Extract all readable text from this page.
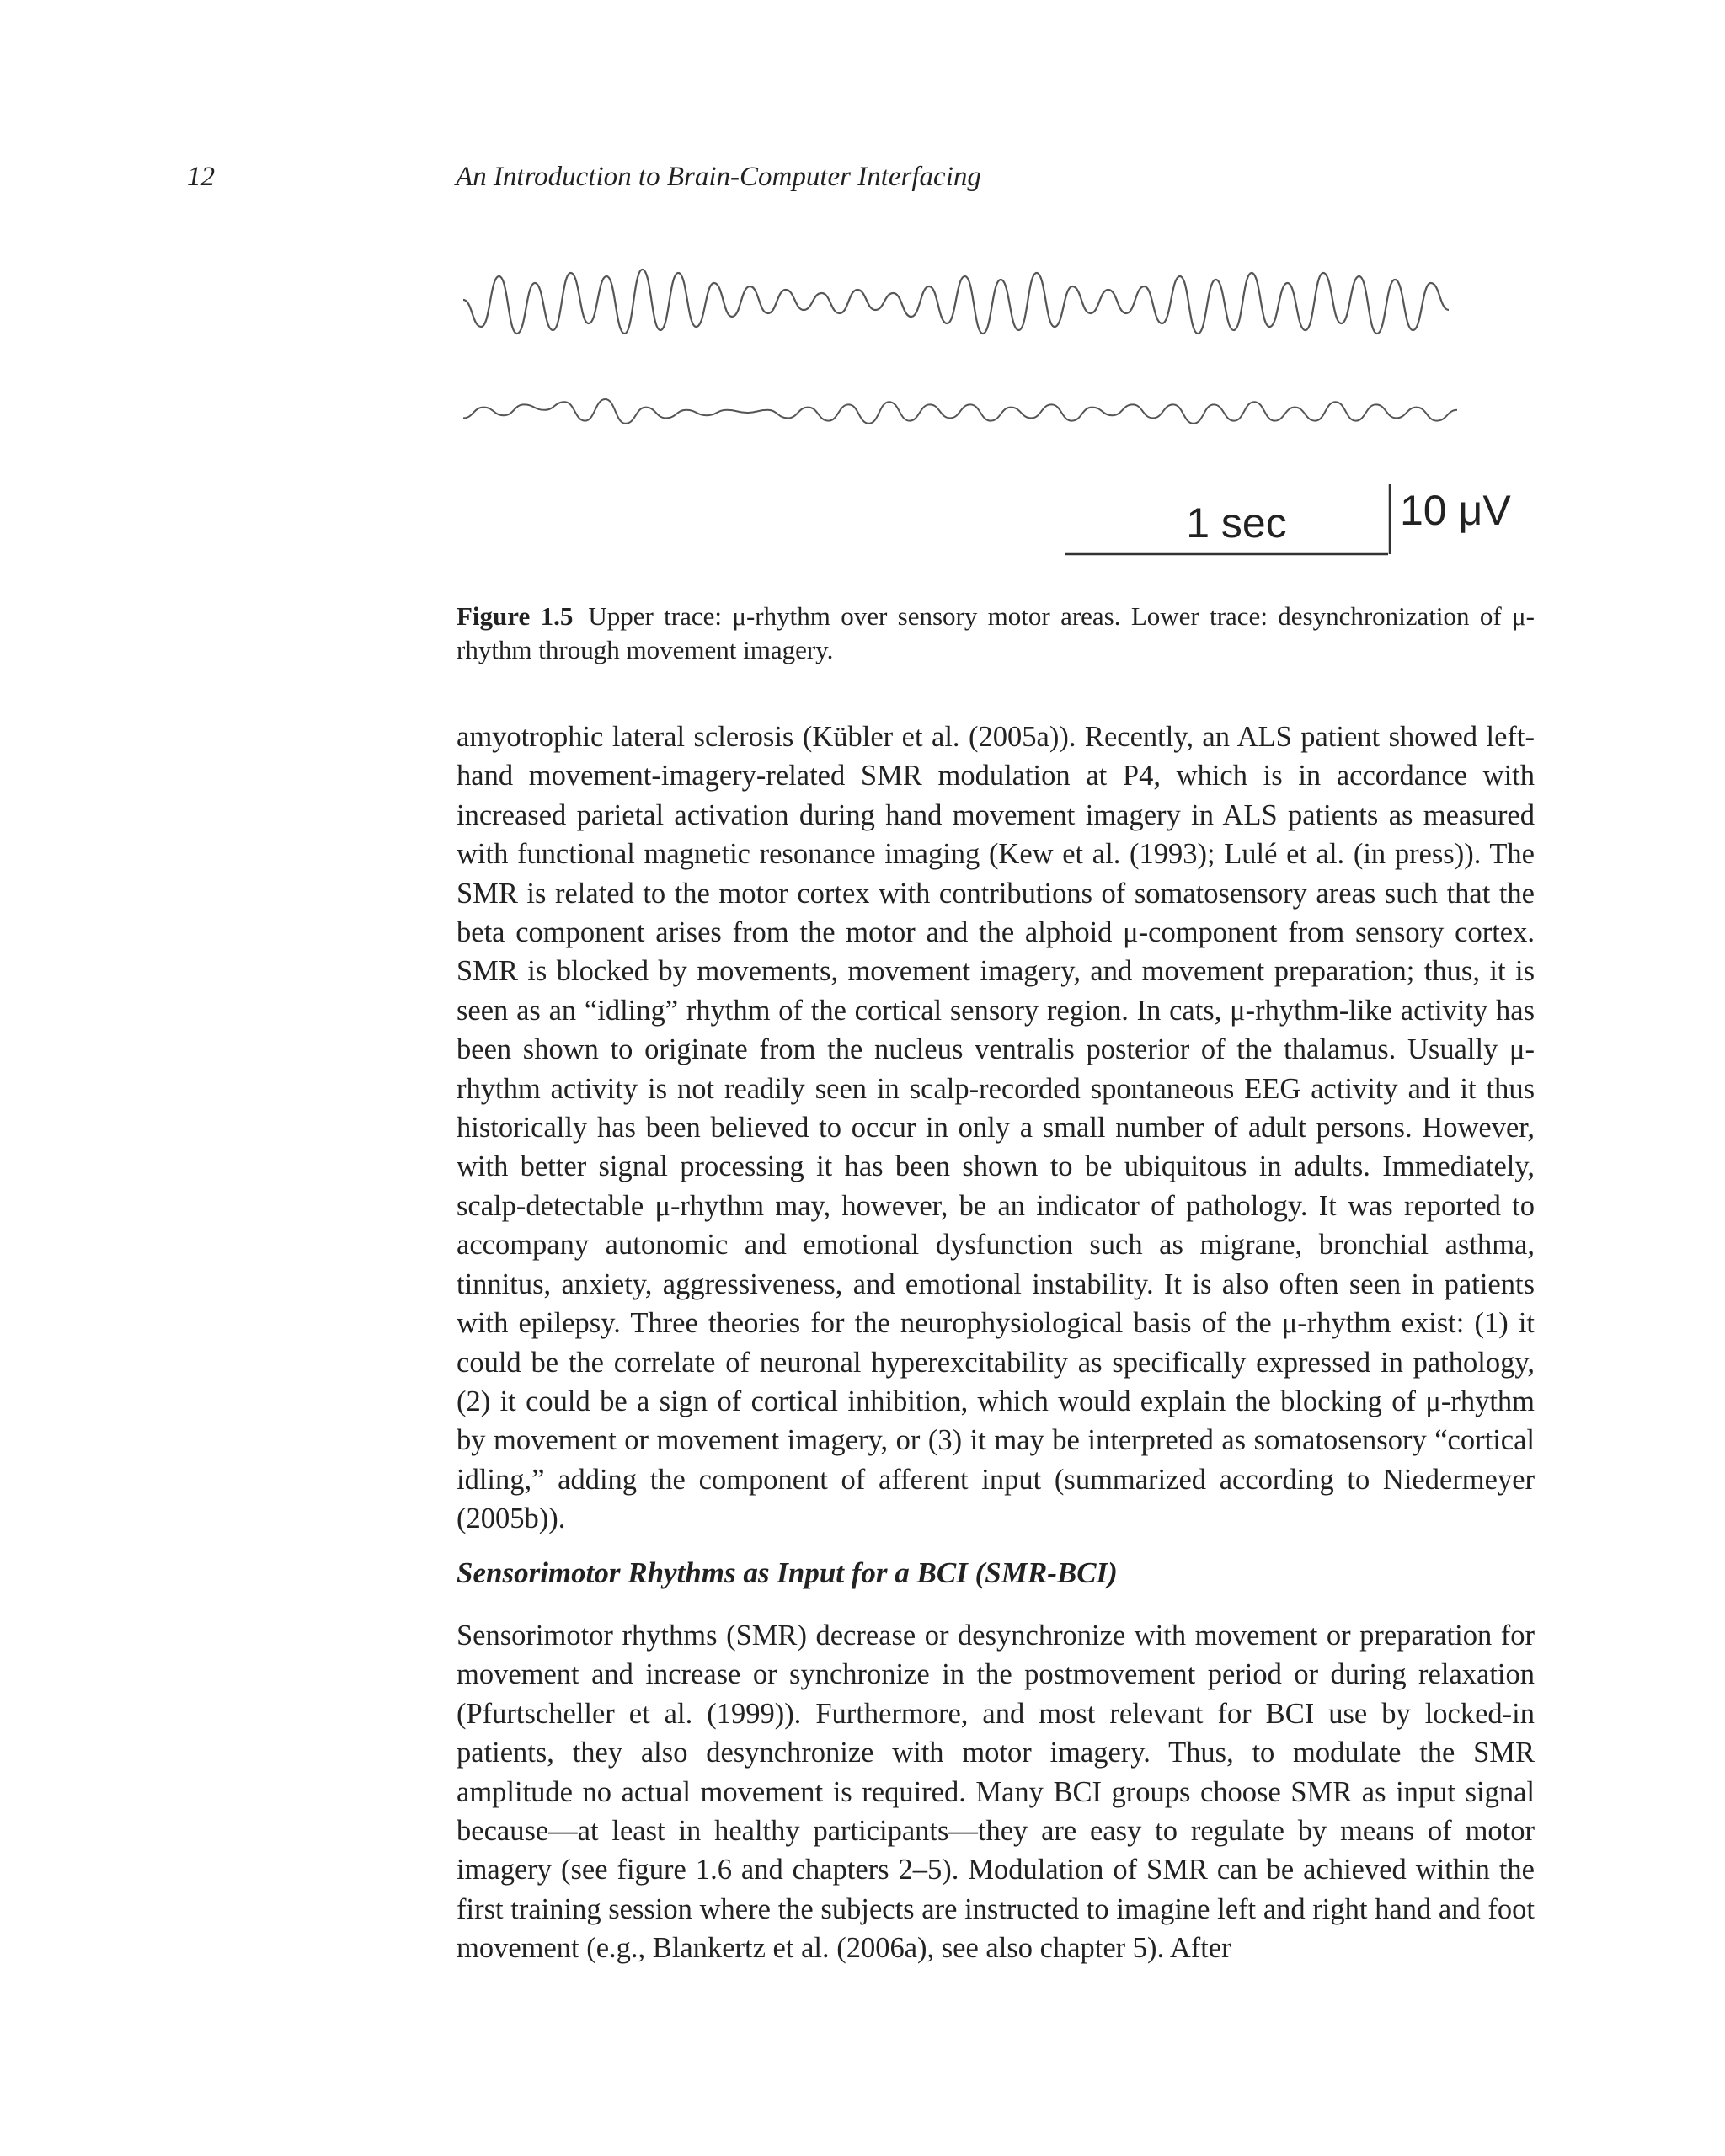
12	An Introduction to Brain-Computer Interfacing
1 sec	10 μV
Figure 1.5 Upper trace: μ-rhythm over sensory motor areas. Lower trace: desynchronization of μ-rhythm through movement imagery.

amyotrophic lateral sclerosis (Kübler et al. (2005a)). Recently, an ALS patient showed left-hand movement-imagery-related SMR modulation at P4, which is in accordance with increased parietal activation during hand movement imagery in ALS patients as measured with functional magnetic resonance imaging (Kew et al. (1993); Lulé et al. (in press)). The SMR is related to the motor cortex with contributions of somatosensory areas such that the beta component arises from the motor and the alphoid μ-component from sensory cortex. SMR is blocked by movements, movement imagery, and movement preparation; thus, it is seen as an “idling” rhythm of the cortical sensory region. In cats, μ-rhythm-like activity has been shown to originate from the nucleus ventralis posterior of the thalamus. Usually μ-rhythm activity is not readily seen in scalp-recorded spontaneous EEG activity and it thus historically has been believed to occur in only a small number of adult persons. However, with better signal processing it has been shown to be ubiquitous in adults. Immediately, scalp-detectable μ-rhythm may, however, be an indicator of pathology. It was reported to accompany autonomic and emotional dysfunction such as migrane, bronchial asthma, tinnitus, anxiety, aggressiveness, and emotional instability. It is also often seen in patients with epilepsy. Three theories for the neurophysiological basis of the μ-rhythm exist: (1) it could be the correlate of neuronal hyperexcitability as specifically expressed in pathology, (2) it could be a sign of cortical inhibition, which would explain the blocking of μ-rhythm by movement or movement imagery, or (3) it may be interpreted as somatosensory “cortical idling,” adding the component of afferent input (summarized according to Niedermeyer (2005b)).

Sensorimotor Rhythms as Input for a BCI (SMR-BCI)

Sensorimotor rhythms (SMR) decrease or desynchronize with movement or preparation for movement and increase or synchronize in the postmovement period or during relaxation (Pfurtscheller et al. (1999)). Furthermore, and most relevant for BCI use by locked-in patients, they also desynchronize with motor imagery. Thus, to modulate the SMR amplitude no actual movement is required. Many BCI groups choose SMR as input signal because—at least in healthy participants—they are easy to regulate by means of motor imagery (see figure 1.6 and chapters 2–5). Modulation of SMR can be achieved within the first training session where the subjects are instructed to imagine left and right hand and foot movement (e.g., Blankertz et al. (2006a), see also chapter 5). After
